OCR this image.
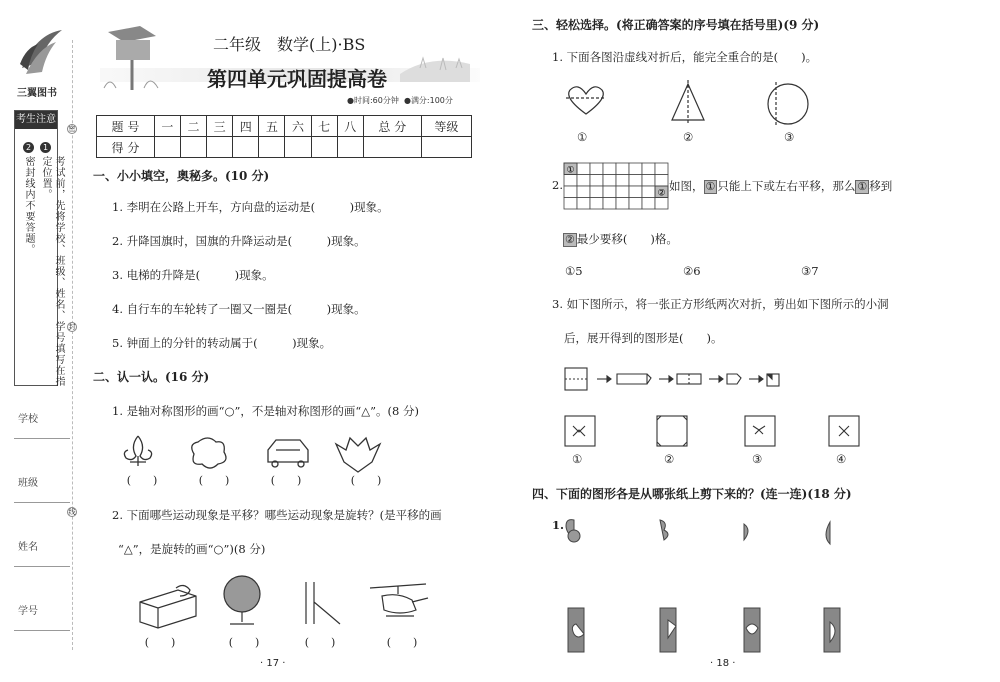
三翼图书
考生注意
1
考试前，先将学校、班级、姓名、学号填写在指定位置。
2
密封线内不要答题。
密
封
线
学校
班级
姓名
学号
二年级　数学(上)·BS
第四单元巩固提高卷
●时间:60分钟 ●满分:100分
题 号	一	二	三	四	五	六	七	八	总 分	等级
得 分										
一、小小填空，奥秘多。(10 分)
1. 李明在公路上开车，方向盘的运动是(　　　)现象。
2. 升降国旗时，国旗的升降运动是(　　　)现象。
3. 电梯的升降是(　　　)现象。
4. 自行车的车轮转了一圈又一圈是(　　　)现象。
5. 钟面上的分针的转动属于(　　　)现象。
二、认一认。(16 分)
1. 是轴对称图形的画“○”，不是轴对称图形的画“△”。(8 分)
(　　)	(　　)	(　　)	(　　)
2. 下面哪些运动现象是平移？哪些运动现象是旋转？(是平移的画
“△”，是旋转的画“○”)(8 分)
(　　)	(　　)	(　　)	(　　)
· 17 ·
三、轻松选择。(将正确答案的序号填在括号里)(9 分)
1. 下面各图沿虚线对折后，能完全重合的是(　　)。
①	②	③
2.
①
②
如图， ① 只能上下或左右平移，那么 ① 移到
② 最少要移(　　)格。
①5	②6	③7
3. 如下图所示，将一张正方形纸两次对折，剪出如下图所示的小洞
后，展开得到的图形是(　　)。
①	②	③	④
四、下面的图形各是从哪张纸上剪下来的？(连一连)(18 分)
1.
· 18 ·
